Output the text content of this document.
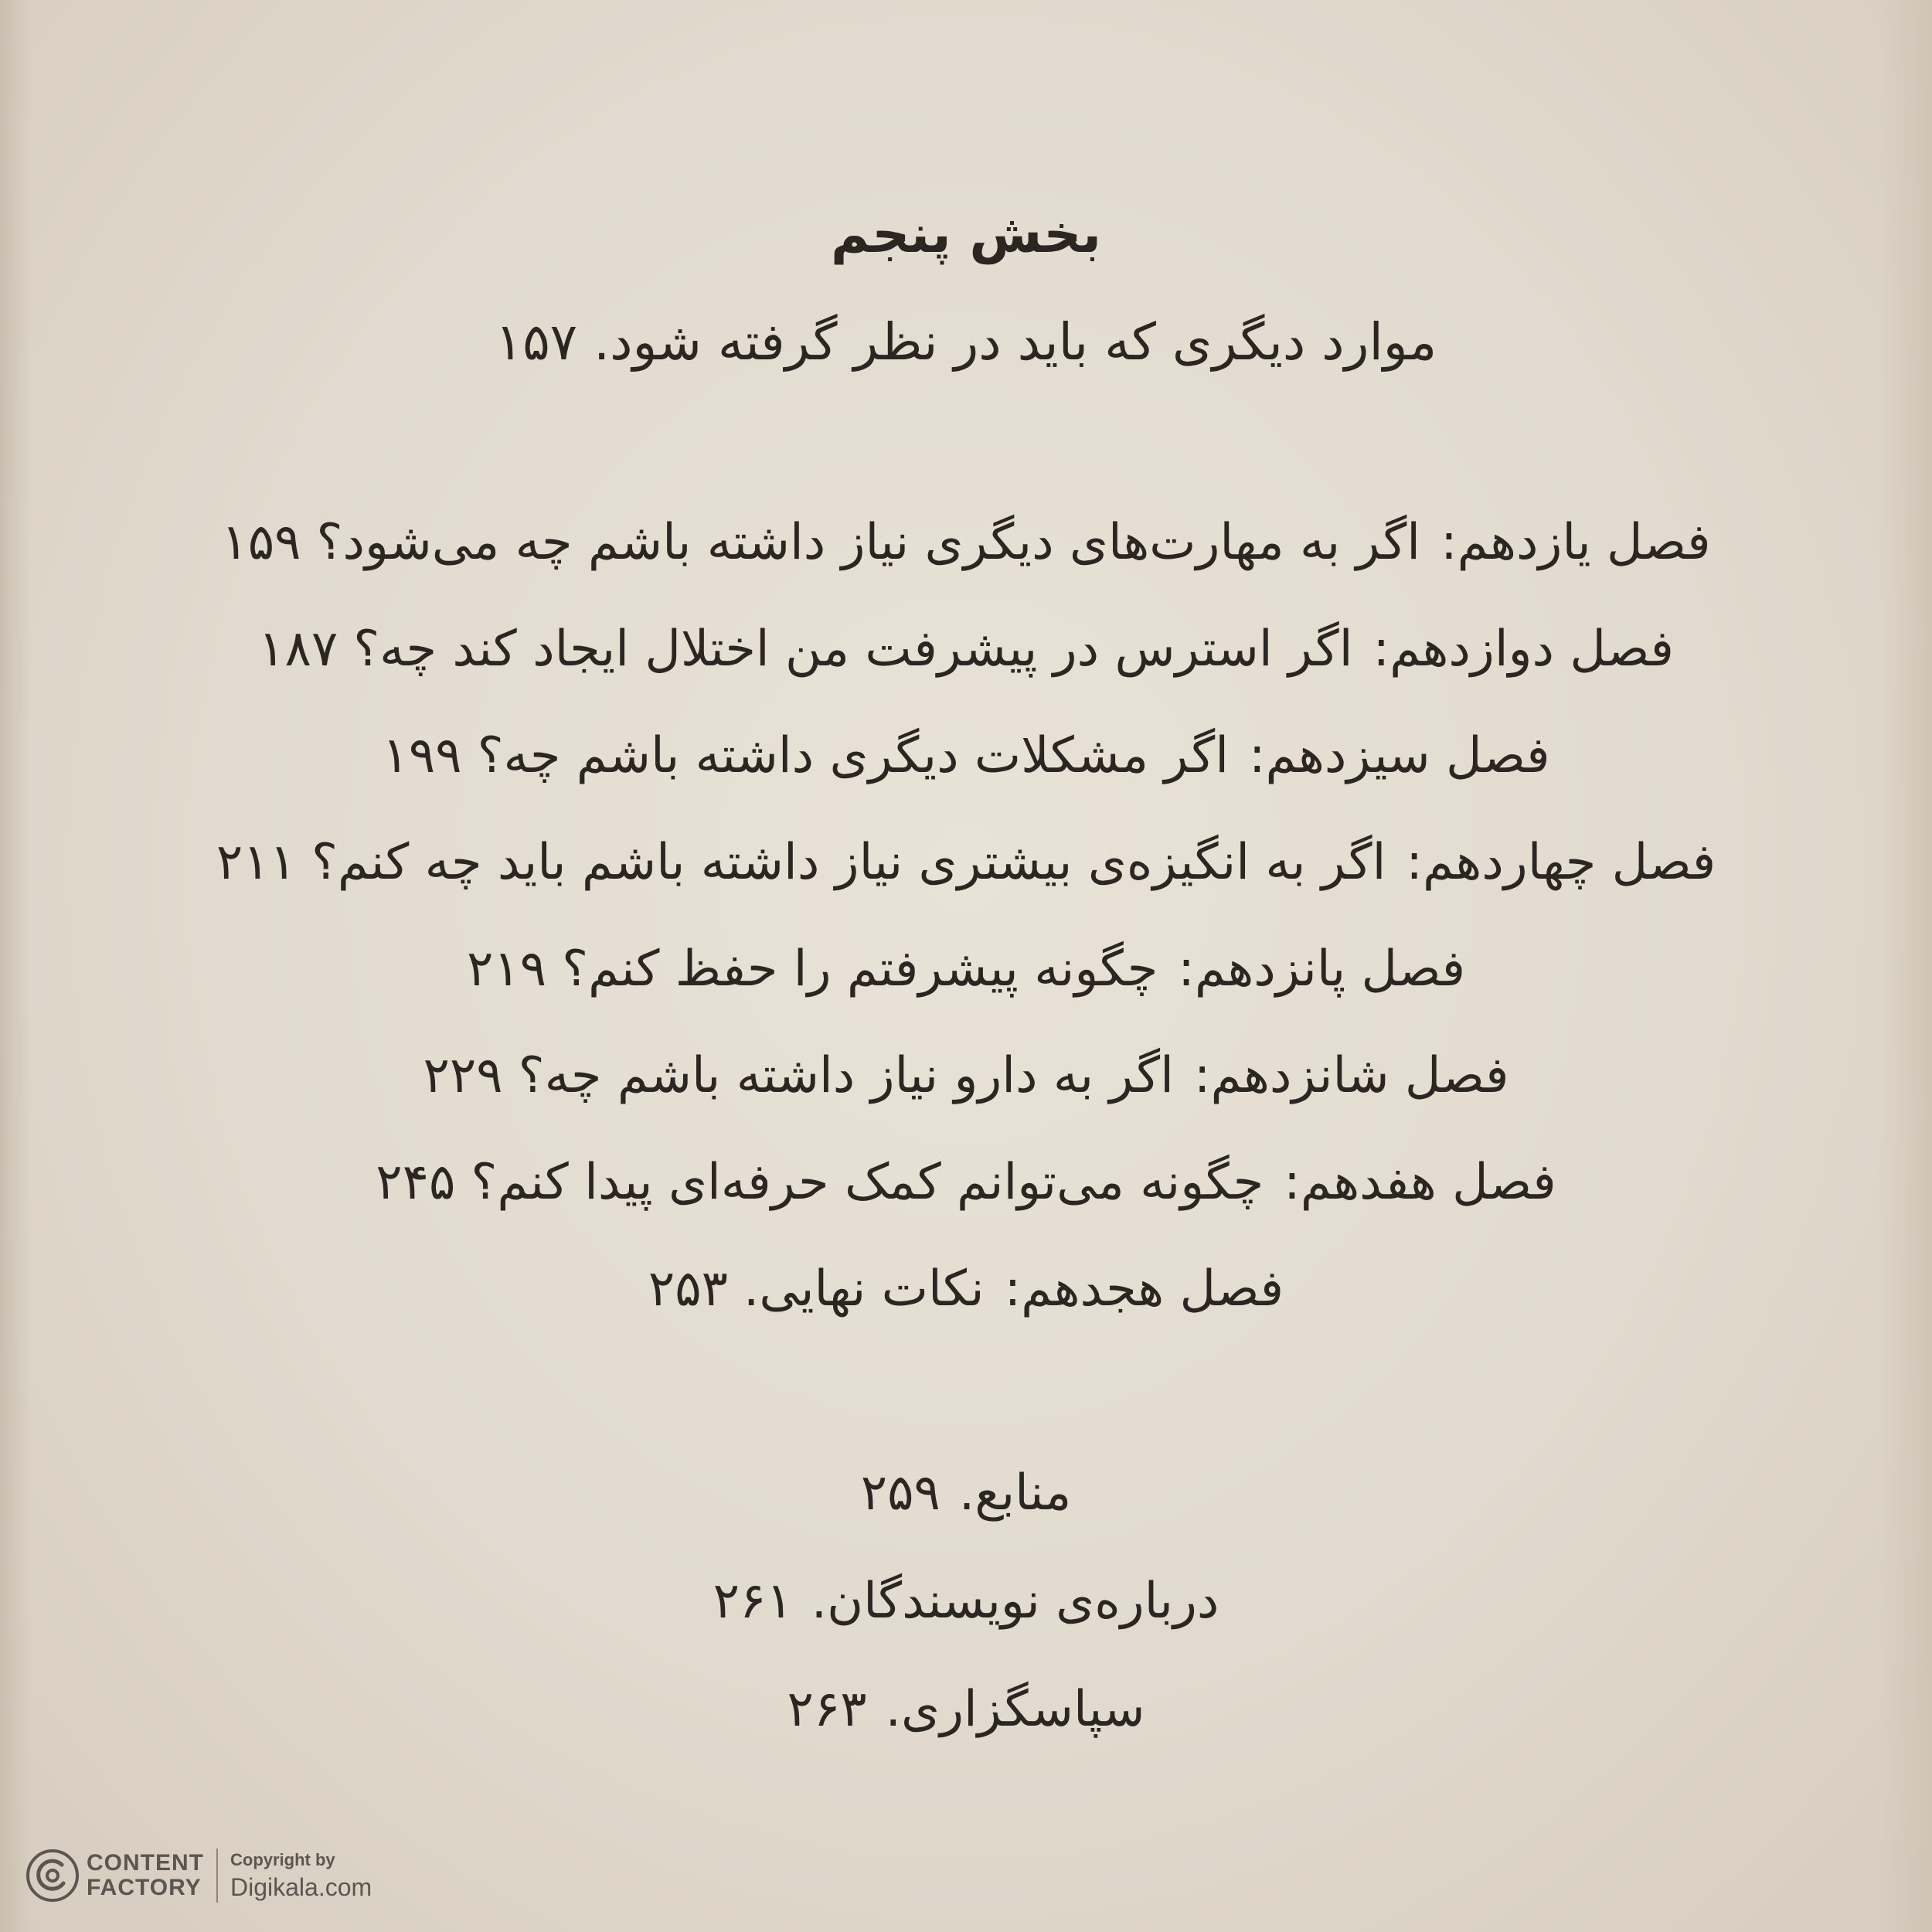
بخش پنجم
موارد دیگری که باید در نظر گرفته شود. ۱۵۷
فصل یازدهم:اگر به مهارت‌های دیگری نیاز داشته باشم چه می‌شود؟۱۵۹
فصل دوازدهم:اگر استرس در پیشرفت من اختلال ایجاد کند چه؟۱۸۷
فصل سیزدهم:اگر مشکلات دیگری داشته باشم چه؟۱۹۹
فصل چهاردهم:اگر به انگیزه‌ی بیشتری نیاز داشته باشم باید چه کنم؟۲۱۱
فصل پانزدهم:چگونه پیشرفتم را حفظ کنم؟۲۱۹
فصل شانزدهم:اگر به دارو نیاز داشته باشم چه؟۲۲۹
فصل هفدهم:چگونه می‌توانم کمک حرفه‌ای پیدا کنم؟۲۴۵
فصل هجدهم:نکات نهایی.۲۵۳
منابع.۲۵۹
درباره‌ی نویسندگان.۲۶۱
سپاسگزاری.۲۶۳
CONTENT
FACTORY
Copyright by
Digikala.com
